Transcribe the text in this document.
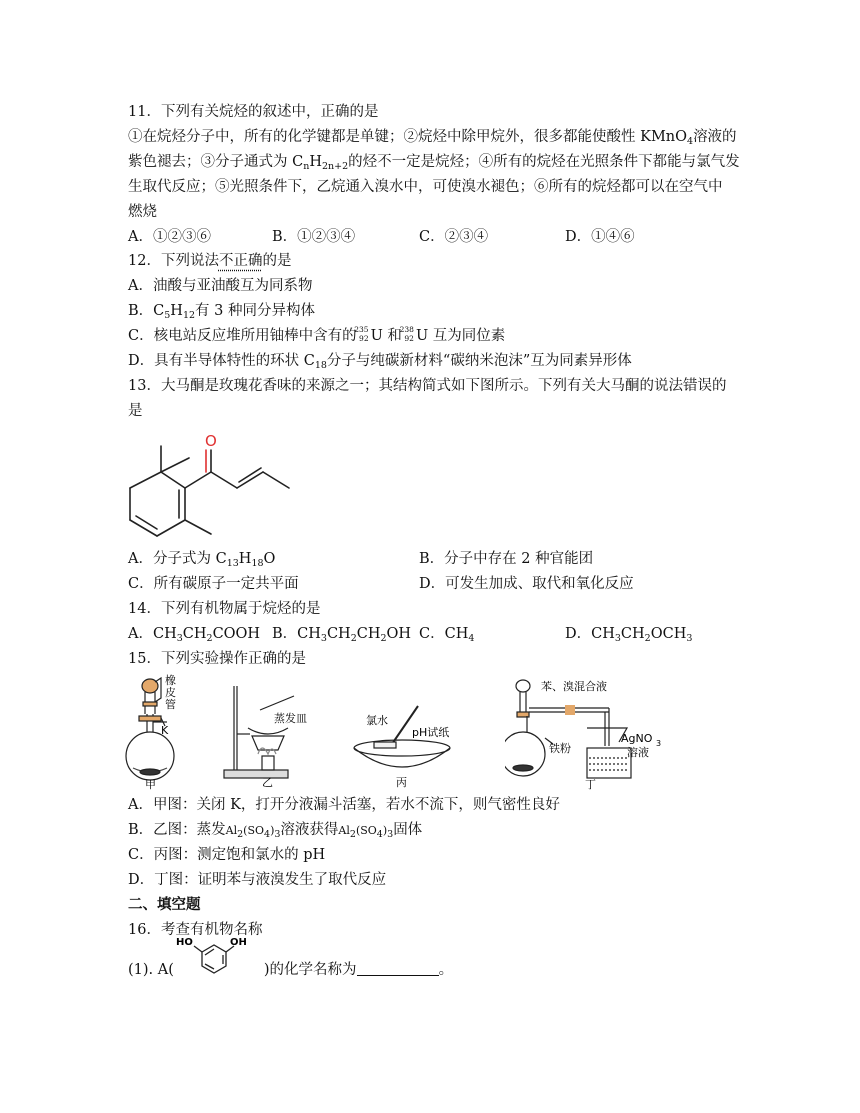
11．下列有关烷烃的叙述中，正确的是
①在烷烃分子中，所有的化学键都是单键；②烷烃中除甲烷外，很多都能使酸性 KMnO$_4$溶液的
紫色褪去；③分子通式为 $C_nH_{2n+2}$的烃不一定是烷烃；④所有的烷烃在光照条件下都能与氯气发
生取代反应；⑤光照条件下，乙烷通入溴水中，可使溴水褪色；⑥所有的烷烃都可以在空气中
燃烧
A．①②③⑥	B．①②③④	C．②③④	D．①④⑥
12．下列说法不正确的是
A．油酸与亚油酸互为同系物
B．$C_5H_{12}$有 3 种同分异构体
C．核电站反应堆所用铀棒中含有的
235
92 U 和
238
92 U 互为同位素
D．具有半导体特性的环状 $C_{18}$分子与纯碳新材料“碳纳米泡沫”互为同素异形体
13．大马酮是玫瑰花香味的来源之一；其结构简式如下图所示。下列有关大马酮的说法错误的
是
O
A．分子式为 $C_{13}H_{18}O$	B．分子中存在 2 种官能团
C．所有碳原子一定共平面	D．可发生加成、取代和氧化反应
14．下列有机物属于烷烃的是
A．$CH_3CH_2COOH$ B．$CH_3CH_2CH_2OH$ C．$CH_4$	D．$CH_3CH_2OCH_3$
15．下列实验操作正确的是
橡
皮
管
K
甲
蒸发皿
乙
氯水
pH试纸
丙
苯、溴混合液
铁粉
AgNO 3
溶液
丁
A．甲图：关闭 K，打开分液漏斗活塞，若水不流下，则气密性良好
B．乙图：蒸发$Al_2(SO_4)_3$溶液获得$Al_2(SO_4)_3$固体
C．丙图：测定饱和氯水的 pH
D．丁图：证明苯与液溴发生了取代反应
二、填空题
16．考查有机物名称
(1). A(
HO	OH
)的化学名称为	。
